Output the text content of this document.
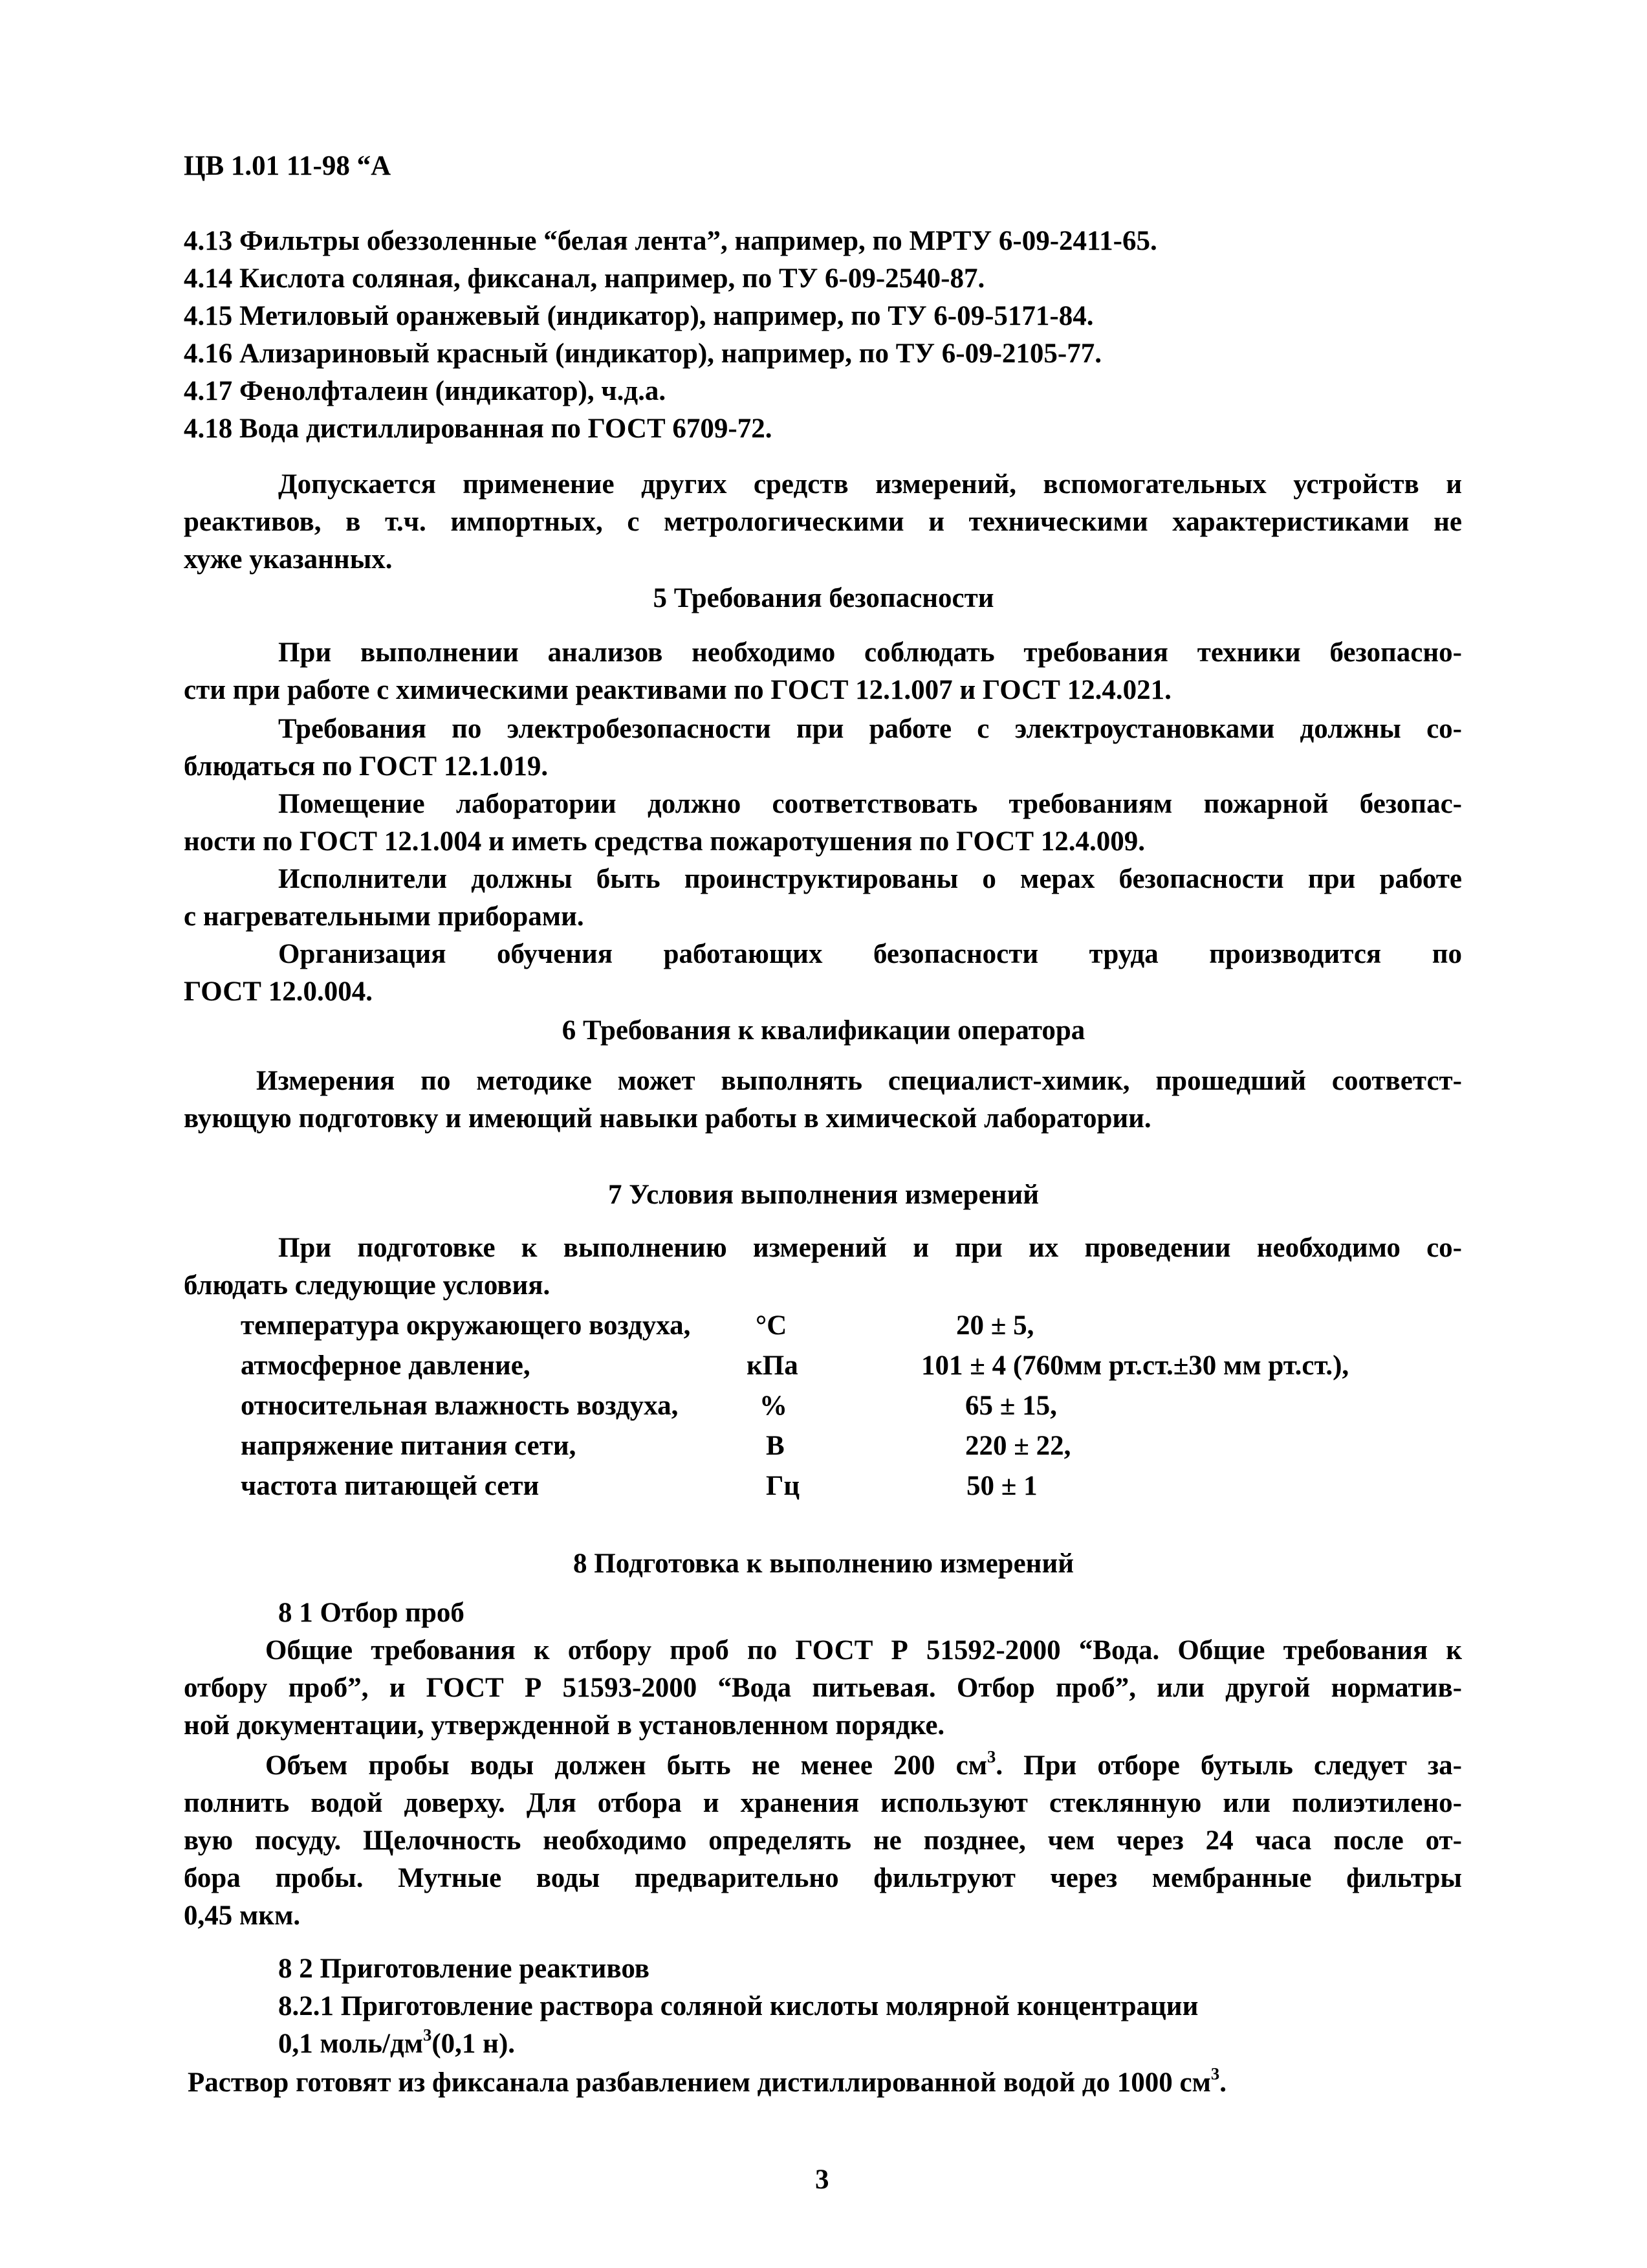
ЦВ 1.01 11-98 “А
4.13 Фильтры обеззоленные “белая лента”, например, по МРТУ 6-09-2411-65.
4.14 Кислота соляная, фиксанал, например, по ТУ 6-09-2540-87.
4.15 Метиловый оранжевый (индикатор), например, по ТУ 6-09-5171-84.
4.16 Ализариновый красный (индикатор), например, по ТУ 6-09-2105-77.
4.17 Фенолфталеин (индикатор), ч.д.а.
4.18 Вода дистиллированная по ГОСТ 6709-72.
Допускается применение других средств измерений, вспомогательных устройств и
реактивов, в т.ч. импортных, с метрологическими и техническими характеристиками не
хуже указанных.
5 Требования безопасности
При выполнении анализов необходимо соблюдать требования техники безопасно-
сти при работе с химическими реактивами по ГОСТ 12.1.007 и ГОСТ 12.4.021.
Требования по электробезопасности при работе с электроустановками должны со-
блюдаться по ГОСТ 12.1.019.
Помещение лаборатории должно соответствовать требованиям пожарной безопас-
ности по ГОСТ 12.1.004 и иметь средства пожаротушения по ГОСТ 12.4.009.
Исполнители должны быть проинструктированы о мерах безопасности при работе
с нагревательными приборами.
Организация обучения работающих безопасности труда производится по
ГОСТ 12.0.004.
6 Требования к квалификации оператора
Измерения по методике может выполнять специалист-химик, прошедший соответст-
вующую подготовку и имеющий навыки работы в химической лаборатории.
7 Условия выполнения измерений
При подготовке к выполнению измерений и при их проведении необходимо со-
блюдать следующие условия.
температура окружающего воздуха, °С	20 ± 5,
атмосферное давление,	кПа	101 ± 4 (760мм рт.ст.±30 мм рт.ст.),
относительная влажность воздуха,	%	65 ± 15,
напряжение питания сети,	В	220 ± 22,
частота питающей сети	Гц	50 ± 1
8 Подготовка к выполнению измерений
8 1 Отбор проб
Общие требования к отбору проб по ГОСТ Р 51592-2000 “Вода. Общие требования к
отбору проб”, и ГОСТ Р 51593-2000 “Вода питьевая. Отбор проб”, или другой норматив-
ной документации, утвержденной в установленном порядке.
Объем пробы воды должен быть не менее 200 $см^3$. При отборе бутыль следует за-
полнить водой доверху. Для отбора и хранения используют стеклянную или полиэтилено-
вую посуду. Щелочность необходимо определять не позднее, чем через 24 часа после от-
бора пробы. Мутные воды предварительно фильтруют через мембранные фильтры
0,45 мкм.
8 2 Приготовление реактивов
8.2.1 Приготовление раствора соляной кислоты молярной концентрации
0,1 моль/$дм^3(0,1$ н).
Раствор готовят из фиксанала разбавлением дистиллированной водой до 1000 $см^3$.
3
